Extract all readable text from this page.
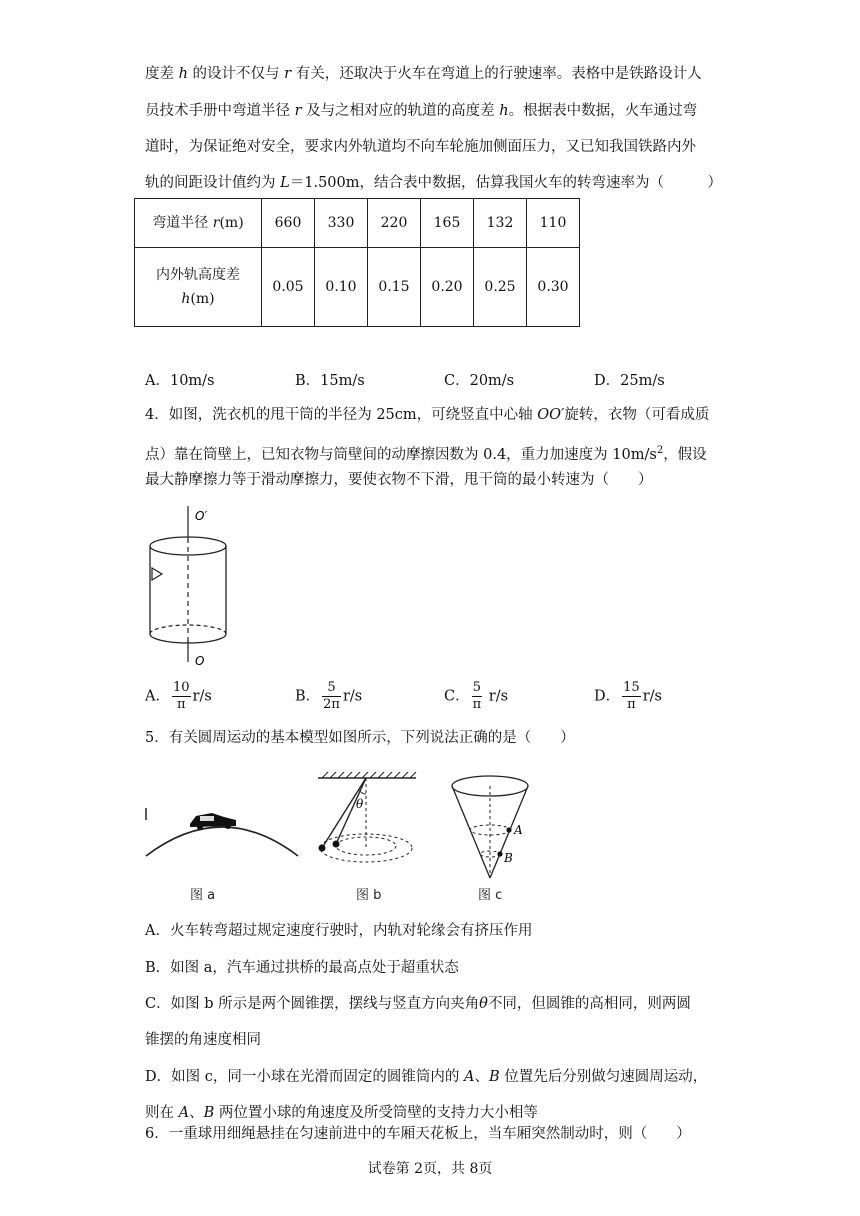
度差 h 的设计不仅与 r 有关，还取决于火车在弯道上的行驶速率。表格中是铁路设计人
员技术手册中弯道半径 r 及与之相对应的轨道的高度差 h。根据表中数据，火车通过弯
道时，为保证绝对安全，要求内外轨道均不向车轮施加侧面压力，又已知我国铁路内外
轨的间距设计值约为 L＝1.500m，结合表中数据，估算我国火车的转弯速率为（　　　）
弯道半径 r(m)	660	330	220	165	132	110
内外轨高度差
h(m)	0.05	0.10	0.15	0.20	0.25	0.30
A．10m/s	B．15m/s	C．20m/s	D．25m/s
4．如图，洗衣机的甩干筒的半径为 25cm，可绕竖直中心轴 OO′旋转，衣物（可看成质
点）靠在筒壁上，已知衣物与筒壁间的动摩擦因数为 0.4，重力加速度为 $10m/s^2$，假设
最大静摩擦力等于滑动摩擦力，要使衣物不下滑，甩干筒的最小转速为（　　）
O′
O
A． $\frac{10}{\pi} r/s$	B． $\frac{5}{2\pi} r/s$	C． $\frac{5}{\pi} r/s$	D． $\frac{15}{\pi} r/s$
5．有关圆周运动的基本模型如图所示，下列说法正确的是（　　）
图 a
θ
图 b
A
B
图 c
A．火车转弯超过规定速度行驶时，内轨对轮缘会有挤压作用
B．如图 a，汽车通过拱桥的最高点处于超重状态
C．如图 b 所示是两个圆锥摆，摆线与竖直方向夹角θ不同，但圆锥的高相同，则两圆
锥摆的角速度相同
D．如图 c，同一小球在光滑而固定的圆锥筒内的 A、B 位置先后分别做匀速圆周运动，
则在 A、B 两位置小球的角速度及所受筒壁的支持力大小相等
6．一重球用细绳悬挂在匀速前进中的车厢天花板上，当车厢突然制动时，则（　　）
试卷第 2页，共 8页
